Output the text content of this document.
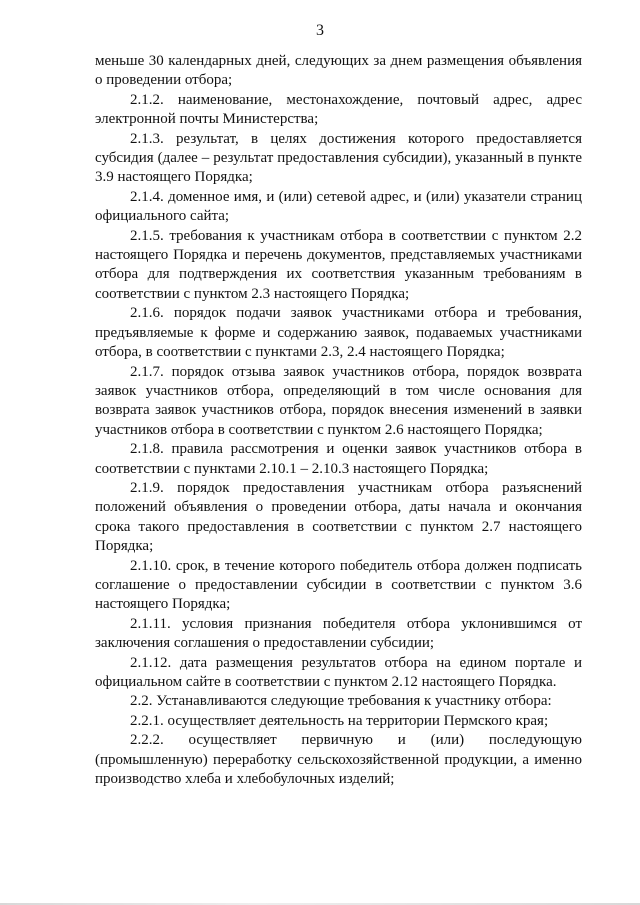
3

меньше 30 календарных дней, следующих за днем размещения объявления о проведении отбора;

2.1.2. наименование, местонахождение, почтовый адрес, адрес электронной почты Министерства;

2.1.3. результат, в целях достижения которого предоставляется субсидия (далее – результат предоставления субсидии), указанный в пункте 3.9 настоящего Порядка;

2.1.4. доменное имя, и (или) сетевой адрес, и (или) указатели страниц официального сайта;

2.1.5. требования к участникам отбора в соответствии с пунктом 2.2 настоящего Порядка и перечень документов, представляемых участниками отбора для подтверждения их соответствия указанным требованиям в соответствии с пунктом 2.3 настоящего Порядка;

2.1.6. порядок подачи заявок участниками отбора и требования, предъявляемые к форме и содержанию заявок, подаваемых участниками отбора, в соответствии с пунктами 2.3, 2.4 настоящего Порядка;

2.1.7. порядок отзыва заявок участников отбора, порядок возврата заявок участников отбора, определяющий в том числе основания для возврата заявок участников отбора, порядок внесения изменений в заявки участников отбора в соответствии с пунктом 2.6 настоящего Порядка;

2.1.8. правила рассмотрения и оценки заявок участников отбора в соответствии с пунктами 2.10.1 – 2.10.3 настоящего Порядка;

2.1.9. порядок предоставления участникам отбора разъяснений положений объявления о проведении отбора, даты начала и окончания срока такого предоставления в соответствии с пунктом 2.7 настоящего Порядка;

2.1.10. срок, в течение которого победитель отбора должен подписать соглашение о предоставлении субсидии в соответствии с пунктом 3.6 настоящего Порядка;

2.1.11. условия признания победителя отбора уклонившимся от заключения соглашения о предоставлении субсидии;

2.1.12. дата размещения результатов отбора на едином портале и официальном сайте в соответствии с пунктом 2.12 настоящего Порядка.

2.2. Устанавливаются следующие требования к участнику отбора:

2.2.1. осуществляет деятельность на территории Пермского края;

2.2.2. осуществляет первичную и (или) последующую (промышленную) переработку сельскохозяйственной продукции, а именно производство хлеба и хлебобулочных изделий;
